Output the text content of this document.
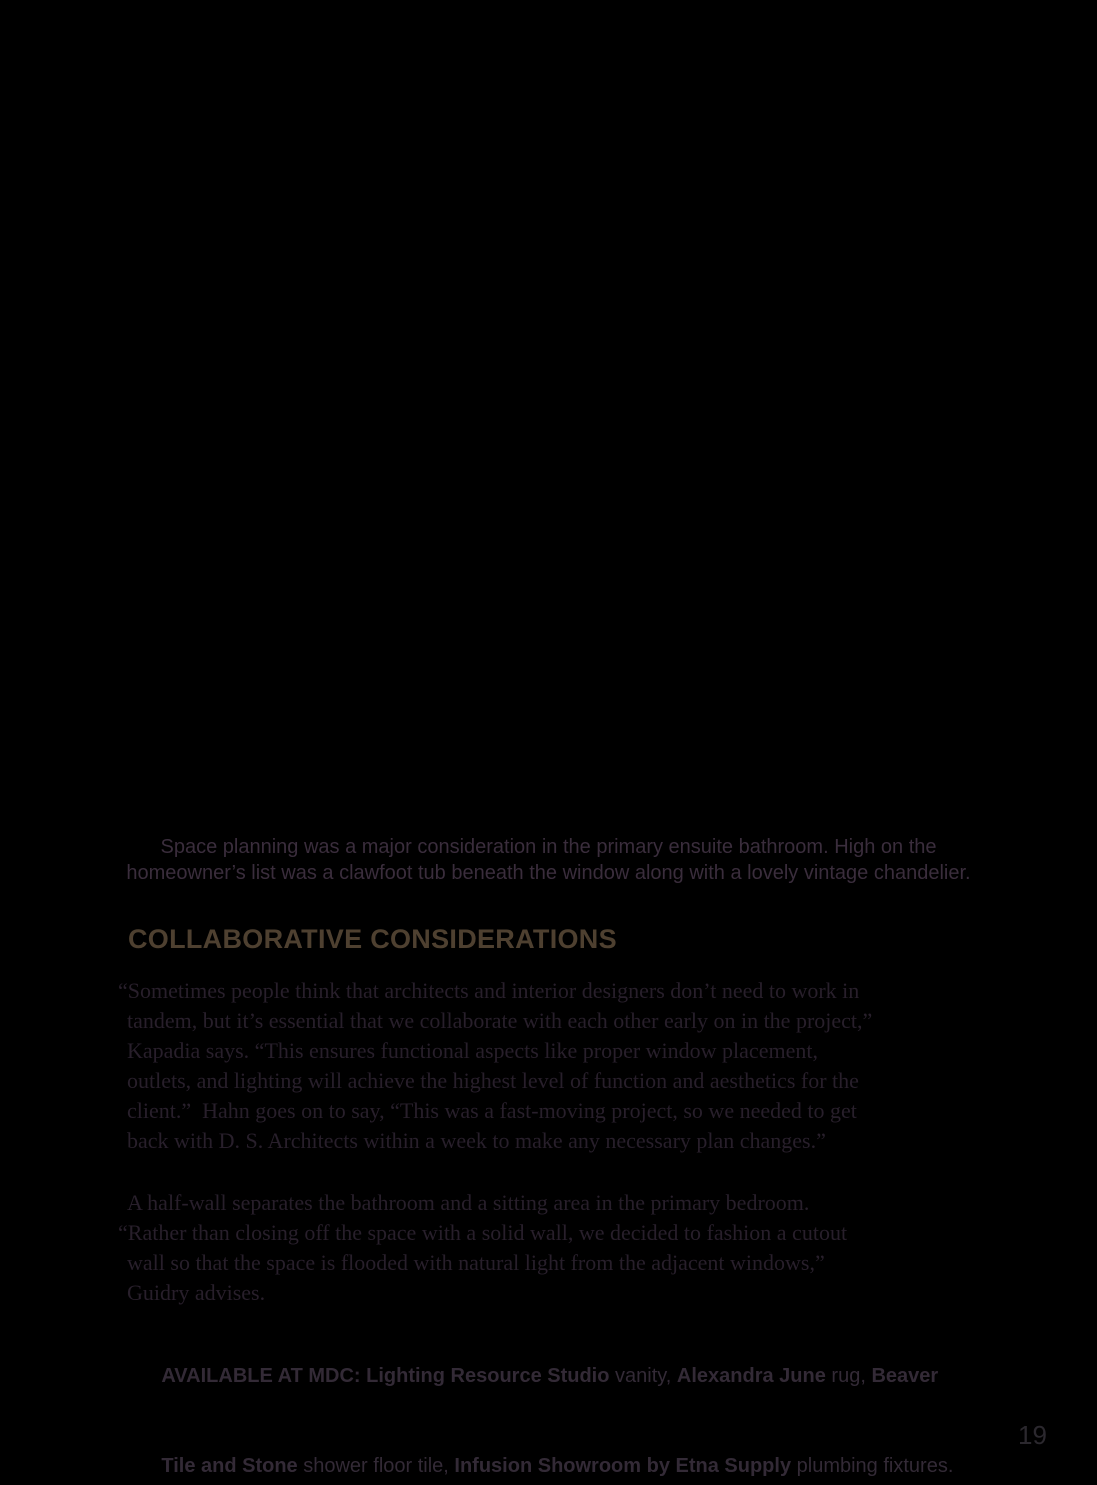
Space planning was a major consideration in the primary ensuite bathroom. High on the
homeowner’s list was a clawfoot tub beneath the window along with a lovely vintage chandelier.
COLLABORATIVE CONSIDERATIONS
“Sometimes people think that architects and interior designers don’t need to work in
tandem, but it’s essential that we collaborate with each other early on in the project,”
Kapadia says. “This ensures functional aspects like proper window placement,
outlets, and lighting will achieve the highest level of function and aesthetics for the
client.”  Hahn goes on to say, “This was a fast-moving project, so we needed to get
back with D. S. Architects within a week to make any necessary plan changes.”
A half-wall separates the bathroom and a sitting area in the primary bedroom.
“Rather than closing off the space with a solid wall, we decided to fashion a cutout
wall so that the space is flooded with natural light from the adjacent windows,”
Guidry advises.

AVAILABLE AT MDC: Lighting Resource Studio vanity, Alexandra June rug, Beaver

Tile and Stone shower floor tile, Infusion Showroom by Etna Supply plumbing fixtures.

19
